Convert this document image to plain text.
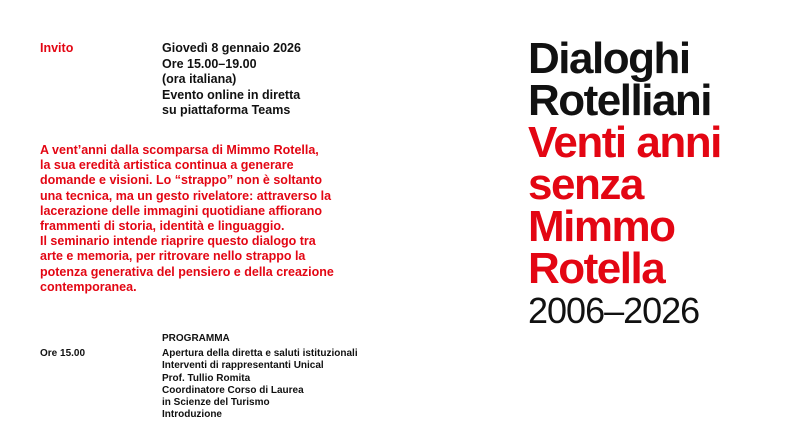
Invito	Giovedì 8 gennaio 2026
Ore 15.00–19.00
(ora italiana)
Evento online in diretta
su piattaforma Teams
A vent’anni dalla scomparsa di Mimmo Rotella,
la sua eredità artistica continua a generare
domande e visioni. Lo “strappo” non è soltanto
una tecnica, ma un gesto rivelatore: attraverso la
lacerazione delle immagini quotidiane affiorano
frammenti di storia, identità e linguaggio.
Il seminario intende riaprire questo dialogo tra
arte e memoria, per ritrovare nello strappo la
potenza generativa del pensiero e della creazione
contemporanea.
PROGRAMMA
Ore 15.00	Apertura della diretta e saluti istituzionali
Interventi di rappresentanti Unical
Prof. Tullio Romita
Coordinatore Corso di Laurea
in Scienze del Turismo
Introduzione
Dialoghi
Rotelliani
Venti anni
senza
Mimmo
Rotella
2006–2026
